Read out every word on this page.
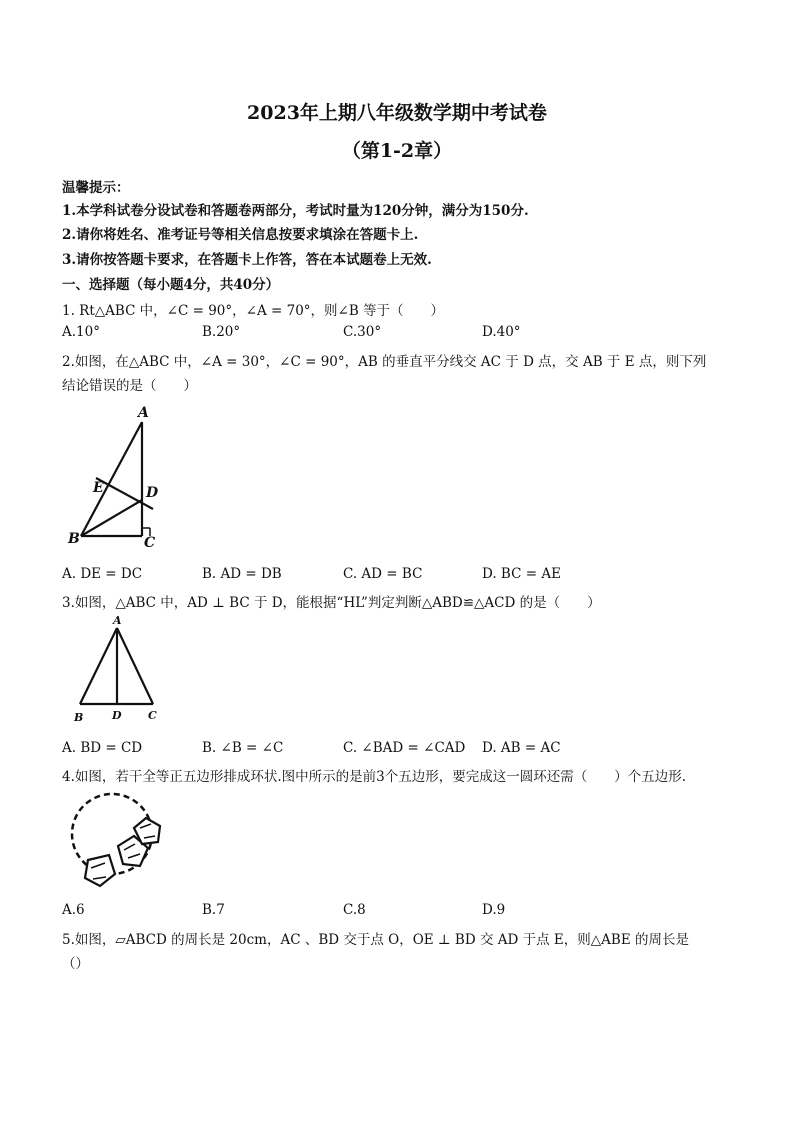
2023年上期八年级数学期中考试卷
（第1-2章）
温馨提示：
1.本学科试卷分设试卷和答题卷两部分，考试时量为120分钟，满分为150分.
2.请你将姓名、准考证号等相关信息按要求填涂在答题卡上.
3.请你按答题卡要求，在答题卡上作答，答在本试题卷上无效.
一、选择题（每小题4分，共40分）
1. Rt△ABC 中，∠C = 90°，∠A = 70°，则∠B 等于（　　）
A.10°	B.20°	C.30°	D.40°
2.如图，在△ABC 中，∠A = 30°，∠C = 90°，AB 的垂直平分线交 AC 于 D 点，交 AB 于 E 点，则下列
结论错误的是（　　）
A
B	C
D
E
A. DE = DC	B. AD = DB	C. AD = BC	D. BC = AE
3.如图，△ABC 中，AD ⊥ BC 于 D，能根据“HL”判定判断△ABD≌△ACD 的是（　　）
A
B	D C
A. BD = CD	B. ∠B = ∠C	C. ∠BAD = ∠CAD D. AB = AC
4.如图，若干全等正五边形排成环状.图中所示的是前3个五边形，要完成这一圆环还需（　　）个五边形.
A.6	B.7	C.8	D.9
5.如图，▱ABCD 的周长是 20cm，AC 、BD 交于点 O，OE ⊥ BD 交 AD 于点 E，则△ABE 的周长是
（）
